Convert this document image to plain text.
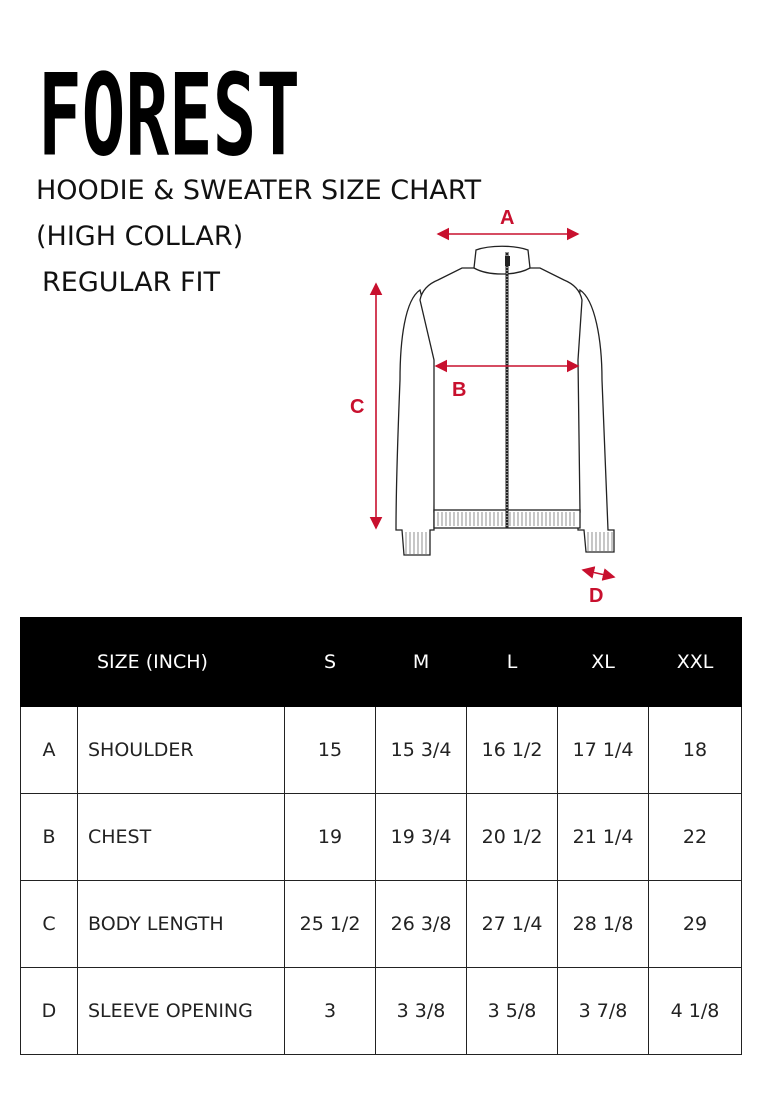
FOREST
HOODIE & SWEATER SIZE CHART
(HIGH COLLAR)
REGULAR FIT
A
B
C
D
SIZE (INCH)		S	M	L	XL	XXL
A	SHOULDER	15	15 3/4	16 1/2	17 1/4	18
B	CHEST	19	19 3/4	20 1/2	21 1/4	22
C	BODY LENGTH	25 1/2	26 3/8	27 1/4	28 1/8	29
D	SLEEVE OPENING	3	3 3/8	3 5/8	3 7/8	4 1/8
